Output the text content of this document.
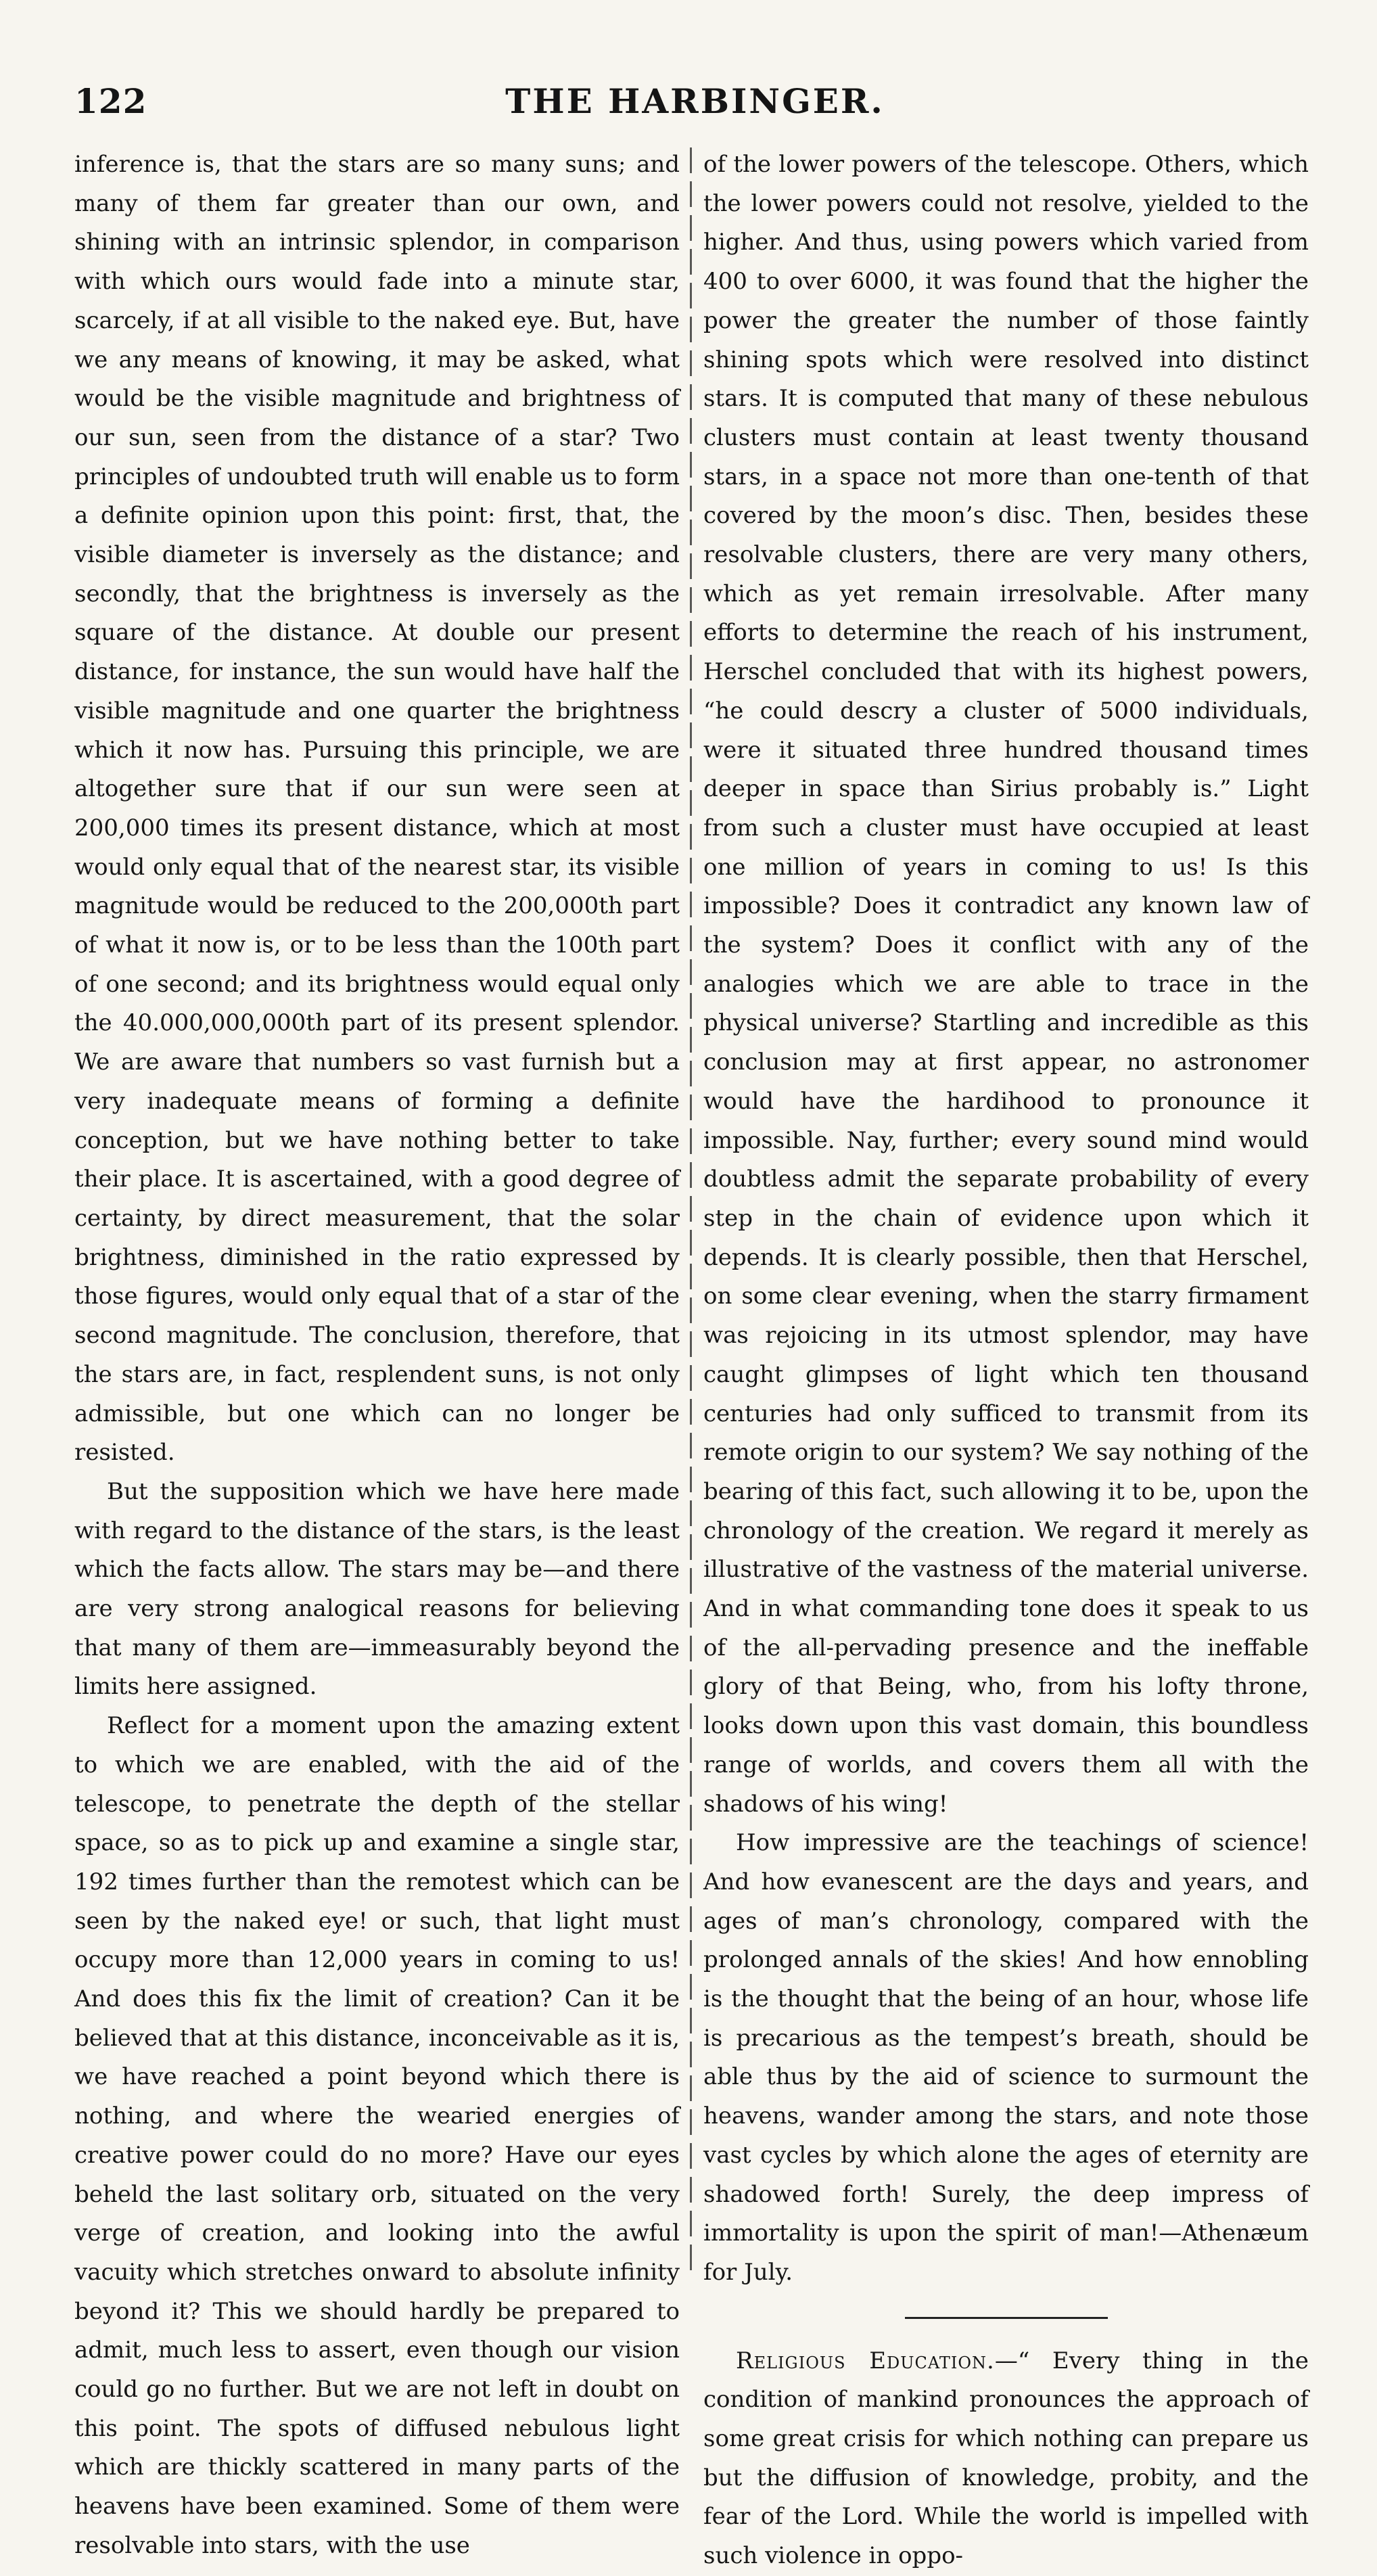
122	THE HARBINGER.

inference is, that the stars are so many suns; and many of them far greater than our own, and shining with an intrinsic splendor, in comparison with which ours would fade into a minute star, scarcely, if at all visible to the naked eye. But, have we any means of knowing, it may be asked, what would be the visible magnitude and brightness of our sun, seen from the distance of a star? Two principles of undoubted truth will enable us to form a definite opinion upon this point: first, that, the visible diameter is inversely as the distance; and secondly, that the brightness is inversely as the square of the distance. At double our present distance, for instance, the sun would have half the visible magnitude and one quarter the brightness which it now has. Pursuing this principle, we are altogether sure that if our sun were seen at 200,000 times its present distance, which at most would only equal that of the nearest star, its visible magnitude would be reduced to the 200,000th part of what it now is, or to be less than the 100th part of one second; and its brightness would equal only the 40.000,000,000th part of its present splendor. We are aware that numbers so vast furnish but a very inadequate means of forming a definite conception, but we have nothing better to take their place. It is ascertained, with a good degree of certainty, by direct measurement, that the solar brightness, diminished in the ratio expressed by those figures, would only equal that of a star of the second magnitude. The conclusion, therefore, that the stars are, in fact, resplendent suns, is not only admissible, but one which can no longer be resisted.

But the supposition which we have here made with regard to the distance of the stars, is the least which the facts allow. The stars may be—and there are very strong analogical reasons for believing that many of them are—immeasurably beyond the limits here assigned.

Reflect for a moment upon the amazing extent to which we are enabled, with the aid of the telescope, to penetrate the depth of the stellar space, so as to pick up and examine a single star, 192 times further than the remotest which can be seen by the naked eye! or such, that light must occupy more than 12,000 years in coming to us! And does this fix the limit of creation? Can it be believed that at this distance, inconceivable as it is, we have reached a point beyond which there is nothing, and where the wearied energies of creative power could do no more? Have our eyes beheld the last solitary orb, situated on the very verge of creation, and looking into the awful vacuity which stretches onward to absolute infinity beyond it? This we should hardly be prepared to admit, much less to assert, even though our vision could go no further. But we are not left in doubt on this point. The spots of diffused nebulous light which are thickly scattered in many parts of the heavens have been examined. Some of them were resolvable into stars, with the use

of the lower powers of the telescope. Others, which the lower powers could not resolve, yielded to the higher. And thus, using powers which varied from 400 to over 6000, it was found that the higher the power the greater the number of those faintly shining spots which were resolved into distinct stars. It is computed that many of these nebulous clusters must contain at least twenty thousand stars, in a space not more than one-tenth of that covered by the moon’s disc. Then, besides these resolvable clusters, there are very many others, which as yet remain irresolvable. After many efforts to determine the reach of his instrument, Herschel concluded that with its highest powers, “he could descry a cluster of 5000 individuals, were it situated three hundred thousand times deeper in space than Sirius probably is.” Light from such a cluster must have occupied at least one million of years in coming to us! Is this impossible? Does it contradict any known law of the system? Does it conflict with any of the analogies which we are able to trace in the physical universe? Startling and incredible as this conclusion may at first appear, no astronomer would have the hardihood to pronounce it impossible. Nay, further; every sound mind would doubtless admit the separate probability of every step in the chain of evidence upon which it depends. It is clearly possible, then that Herschel, on some clear evening, when the starry firmament was rejoicing in its utmost splendor, may have caught glimpses of light which ten thousand centuries had only sufficed to transmit from its remote origin to our system? We say nothing of the bearing of this fact, such allowing it to be, upon the chronology of the creation. We regard it merely as illustrative of the vastness of the material universe. And in what commanding tone does it speak to us of the all-pervading presence and the ineffable glory of that Being, who, from his lofty throne, looks down upon this vast domain, this boundless range of worlds, and covers them all with the shadows of his wing!

How impressive are the teachings of science! And how evanescent are the days and years, and ages of man’s chronology, compared with the prolonged annals of the skies! And how ennobling is the thought that the being of an hour, whose life is precarious as the tempest’s breath, should be able thus by the aid of science to surmount the heavens, wander among the stars, and note those vast cycles by which alone the ages of eternity are shadowed forth! Surely, the deep impress of immortality is upon the spirit of man!—Athenæum for July.

Religious Education.—“ Every thing in the condition of mankind pronounces the approach of some great crisis for which nothing can prepare us but the diffusion of knowledge, probity, and the fear of the Lord. While the world is impelled with such violence in oppo-
